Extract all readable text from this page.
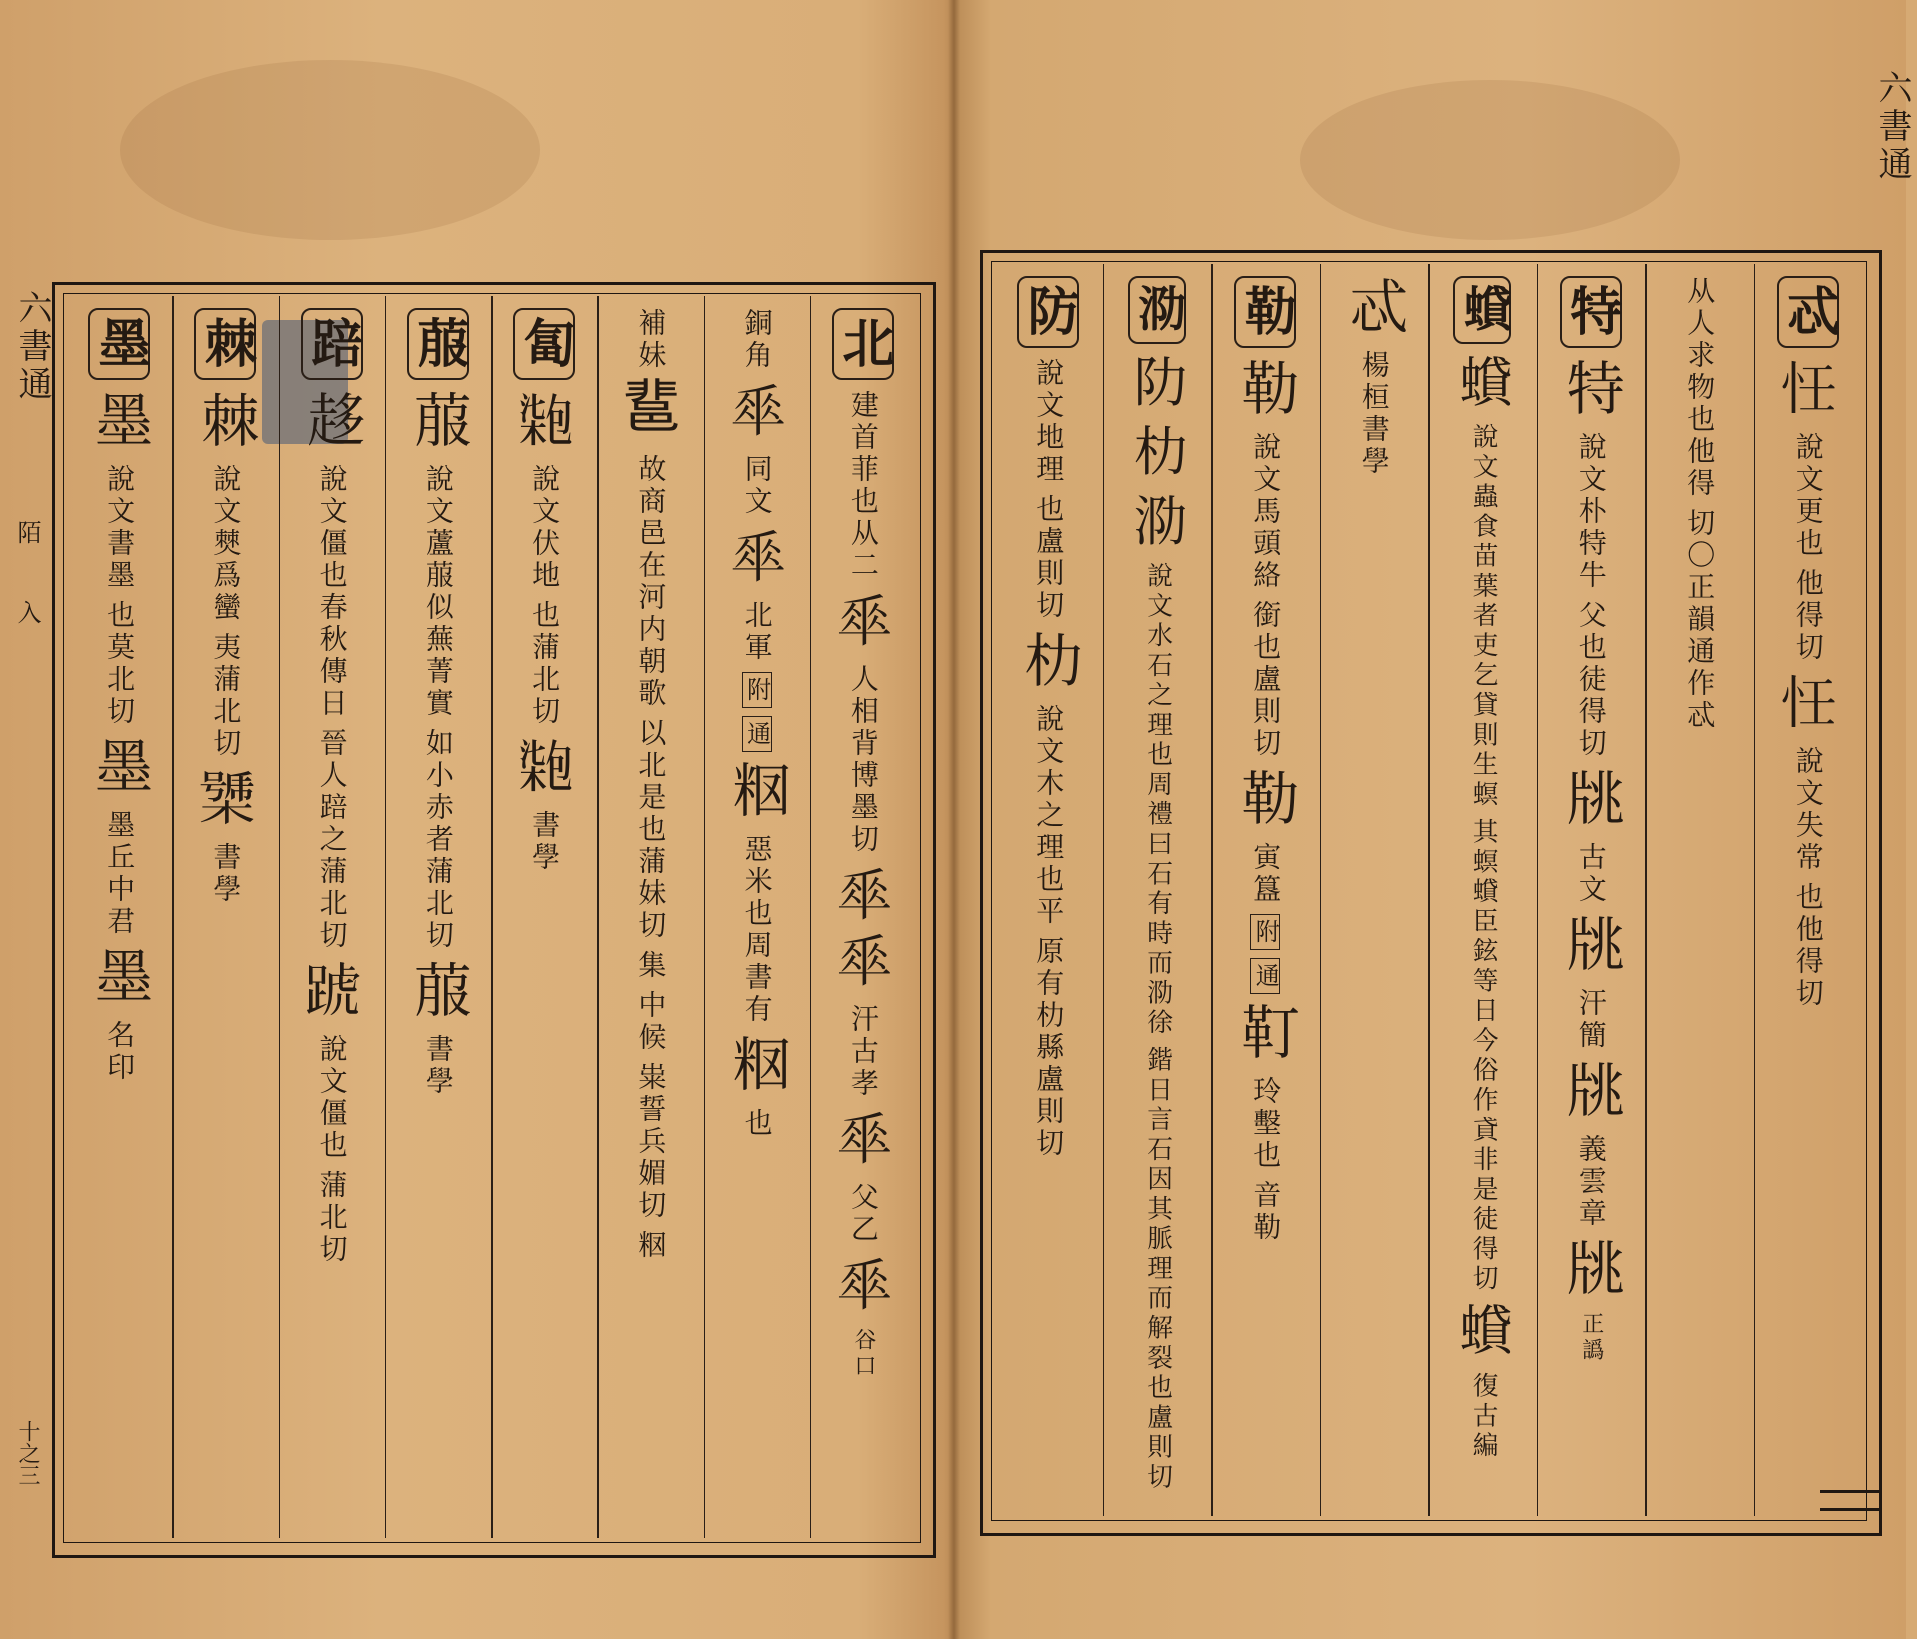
六書通
陌
入
十之三
北
建首菲也从二
𠦬
人相背博墨切
𠦬𠦬
汗古孝
𠦬
父乙
𠦬
谷口
銅角
𠦬
同文
𠦬
北軍
附
通
𥹉
惡米也周書有
𥹉
也
補妹
𨛬
故商邑在河内朝歌
以北是也蒲妹切
集
中候
粜誓兵媚切
𥹉
匐
𠣺
說文伏地
也蒲北切
𠣺
書學
菔
菔
說文蘆菔似蕪菁實
如小赤者蒲北切
菔
書學
踣
趍
說文僵也春秋傳日
晉人踣之蒲北切
𨂜
說文僵也
蒲北切
棘
棘
說文僰爲蠻
夷蒲北切
𣚧
書學
墨
墨
說文書墨
也莫北切
墨
墨丘中君
墨
名印
六書通
忒
𢗖
說文更也
他得切
𢗖
說文失常
也他得切
从人求物也他得
切〇正韻通作忒
特
特
說文朴特牛
父也徒得切
㸠
古文
㸠
汗簡
㸠
義雲章
㸠
正譌
蟘
蟘
說文蟲食苗葉者吏乞貸則生螟
其螟蟘臣鉉等日今俗作貣非是徒得切
蟘
復古編
忒
楊桓書學
勒
勒
說文馬頭絡
銜也盧則切
勒
寅簋
附
通
靪
玲墼也
音勒
泐
阞
朸
泐
說文水石之理也周禮曰石有時而泐徐
鍇日言石因其脈理而解裂也盧則切
防
說文地理
也盧則切
朸
說文木之理也平
原有朸縣盧則切
